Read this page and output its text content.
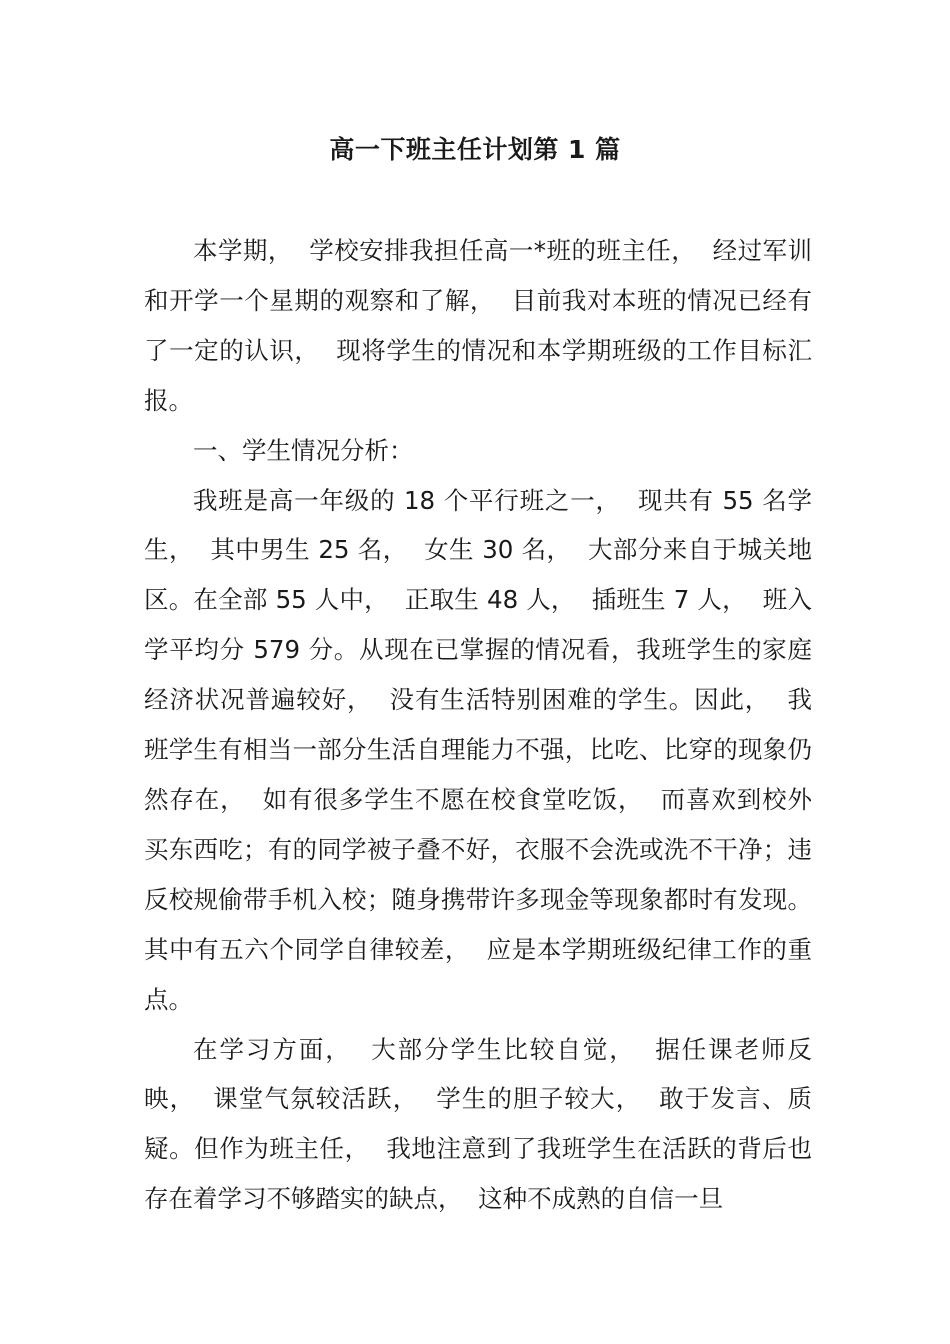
高一下班主任计划第 1 篇

本学期，  学校安排我担任高一*班的班主任，  经过军训和开学一个星期的观察和了解，  目前我对本班的情况已经有了一定的认识，  现将学生的情况和本学期班级的工作目标汇报。

一、学生情况分析：

我班是高一年级的 18 个平行班之一，  现共有 55 名学生，  其中男生 25 名，  女生 30 名，  大部分来自于城关地区。在全部 55 人中，  正取生 48 人，  插班生 7 人，  班入学平均分 579 分。从现在已掌握的情况看，我班学生的家庭经济状况普遍较好，  没有生活特别困难的学生。因此，  我班学生有相当一部分生活自理能力不强，比吃、比穿的现象仍然存在，  如有很多学生不愿在校食堂吃饭，  而喜欢到校外买东西吃；有的同学被子叠不好，衣服不会洗或洗不干净；违反校规偷带手机入校；随身携带许多现金等现象都时有发现。其中有五六个同学自律较差，  应是本学期班级纪律工作的重点。

在学习方面，  大部分学生比较自觉，  据任课老师反映，  课堂气氛较活跃，  学生的胆子较大，  敢于发言、质疑。但作为班主任，  我地注意到了我班学生在活跃的背后也存在着学习不够踏实的缺点，  这种不成熟的自信一旦
